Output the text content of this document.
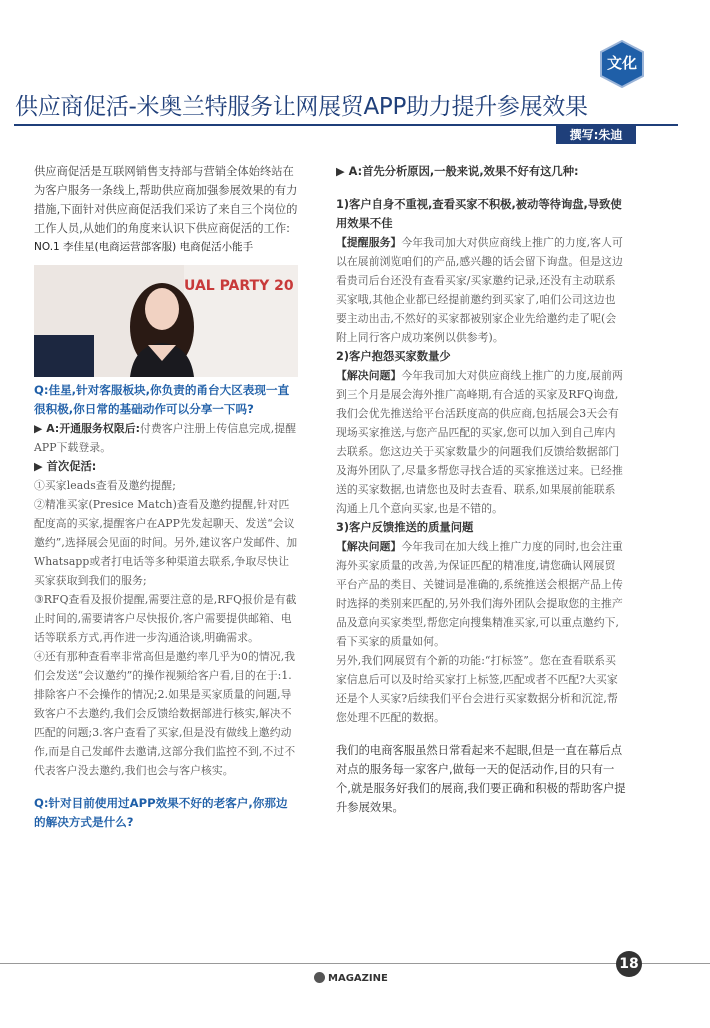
文化
供应商促活-米奥兰特服务让网展贸APP助力提升参展效果
撰写:朱迪

供应商促活是互联网销售支持部与营销全体始终站在为客户服务一条线上,帮助供应商加强参展效果的有力措施,下面针对供应商促活我们采访了来自三个岗位的工作人员,从她们的角度来认识下供应商促活的工作:

NO.1 李佳星(电商运营部客服) 电商促活小能手

UAL PARTY 20

Q:佳星,针对客服板块,你负责的甬台大区表现一直很积极,你日常的基础动作可以分享一下吗?

▶ A:开通服务权限后:付费客户注册上传信息完成,提醒APP下载登录。

▶ 首次促活:

①买家leads查看及邀约提醒;

②精准买家(Presice Match)查看及邀约提醒,针对匹配度高的买家,提醒客户在APP先发起聊天、发送“会议邀约”,选择展会见面的时间。另外,建议客户发邮件、加Whatsapp或者打电话等多种渠道去联系,争取尽快让买家获取到我们的服务;

③RFQ查看及报价提醒,需要注意的是,RFQ报价是有截止时间的,需要请客户尽快报价,客户需要提供邮箱、电话等联系方式,再作进一步沟通洽谈,明确需求。

④还有那种查看率非常高但是邀约率几乎为0的情况,我们会发送“会议邀约”的操作视频给客户看,目的在于:1.排除客户不会操作的情况;2.如果是买家质量的问题,导致客户不去邀约,我们会反馈给数据部进行核实,解决不匹配的问题;3.客户查看了买家,但是没有做线上邀约动作,而是自己发邮件去邀请,这部分我们监控不到,不过不代表客户没去邀约,我们也会与客户核实。

Q:针对目前使用过APP效果不好的老客户,你那边的解决方式是什么?

▶ A:首先分析原因,一般来说,效果不好有这几种:

1)客户自身不重视,查看买家不积极,被动等待询盘,导致使用效果不佳

【提醒服务】今年我司加大对供应商线上推广的力度,客人可以在展前浏览咱们的产品,感兴趣的话会留下询盘。但是这边看贵司后台还没有查看买家/买家邀约记录,还没有主动联系买家哦,其他企业都已经提前邀约到买家了,咱们公司这边也要主动出击,不然好的买家都被别家企业先给邀约走了呢(会附上同行客户成功案例以供参考)。

2)客户抱怨买家数量少

【解决问题】今年我司加大对供应商线上推广的力度,展前两到三个月是展会海外推广高峰期,有合适的买家及RFQ询盘,我们会优先推送给平台活跃度高的供应商,包括展会3天会有现场买家推送,与您产品匹配的买家,您可以加入到自己库内去联系。您这边关于买家数量少的问题我们反馈给数据部门及海外团队了,尽量多帮您寻找合适的买家推送过来。已经推送的买家数据,也请您也及时去查看、联系,如果展前能联系沟通上几个意向买家,也是不错的。

3)客户反馈推送的质量问题

【解决问题】今年我司在加大线上推广力度的同时,也会注重海外买家质量的改善,为保证匹配的精准度,请您确认网展贸平台产品的类目、关键词是准确的,系统推送会根据产品上传时选择的类别来匹配的,另外我们海外团队会提取您的主推产品及意向买家类型,帮您定向搜集精准买家,可以重点邀约下,看下买家的质量如何。

另外,我们网展贸有个新的功能:“打标签”。您在查看联系买家信息后可以及时给买家打上标签,匹配或者不匹配?大买家还是个人买家?后续我们平台会进行买家数据分析和沉淀,帮您处理不匹配的数据。

我们的电商客服虽然日常看起来不起眼,但是一直在幕后点对点的服务每一家客户,做每一天的促活动作,目的只有一个,就是服务好我们的展商,我们要正确和积极的帮助客户提升参展效果。

18
MAGAZINE
